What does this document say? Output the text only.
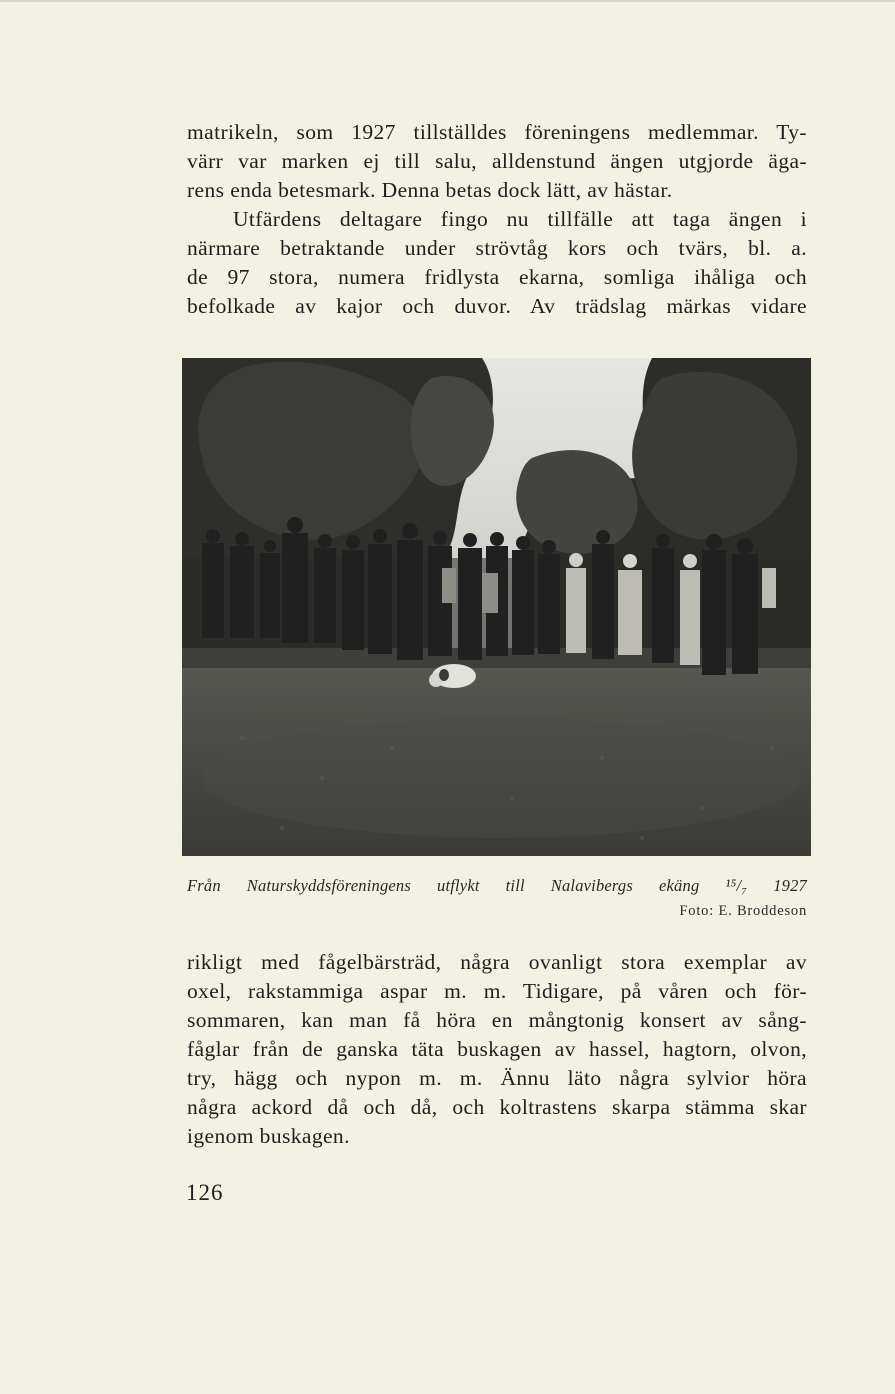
matrikeln, som 1927 tillställdes föreningens medlemmar. Ty-
värr var marken ej till salu, alldenstund ängen utgjorde äga-
rens enda betesmark. Denna betas dock lätt, av hästar.
Utfärdens deltagare fingo nu tillfälle att taga ängen i
närmare betraktande under strövtåg kors och tvärs, bl. a.
de 97 stora, numera fridlysta ekarna, somliga ihåliga och
befolkade av kajor och duvor. Av trädslag märkas vidare
Från Naturskyddsföreningens utflykt till Nalavibergs ekäng ¹⁵/₇ 1927
Foto: E. Broddeson
rikligt med fågelbärsträd, några ovanligt stora exemplar av
oxel, rakstammiga aspar m. m. Tidigare, på våren och för-
sommaren, kan man få höra en mångtonig konsert av sång-
fåglar från de ganska täta buskagen av hassel, hagtorn, olvon,
try, hägg och nypon m. m. Ännu läto några sylvior höra
några ackord då och då, och koltrastens skarpa stämma skar
igenom buskagen.
126
